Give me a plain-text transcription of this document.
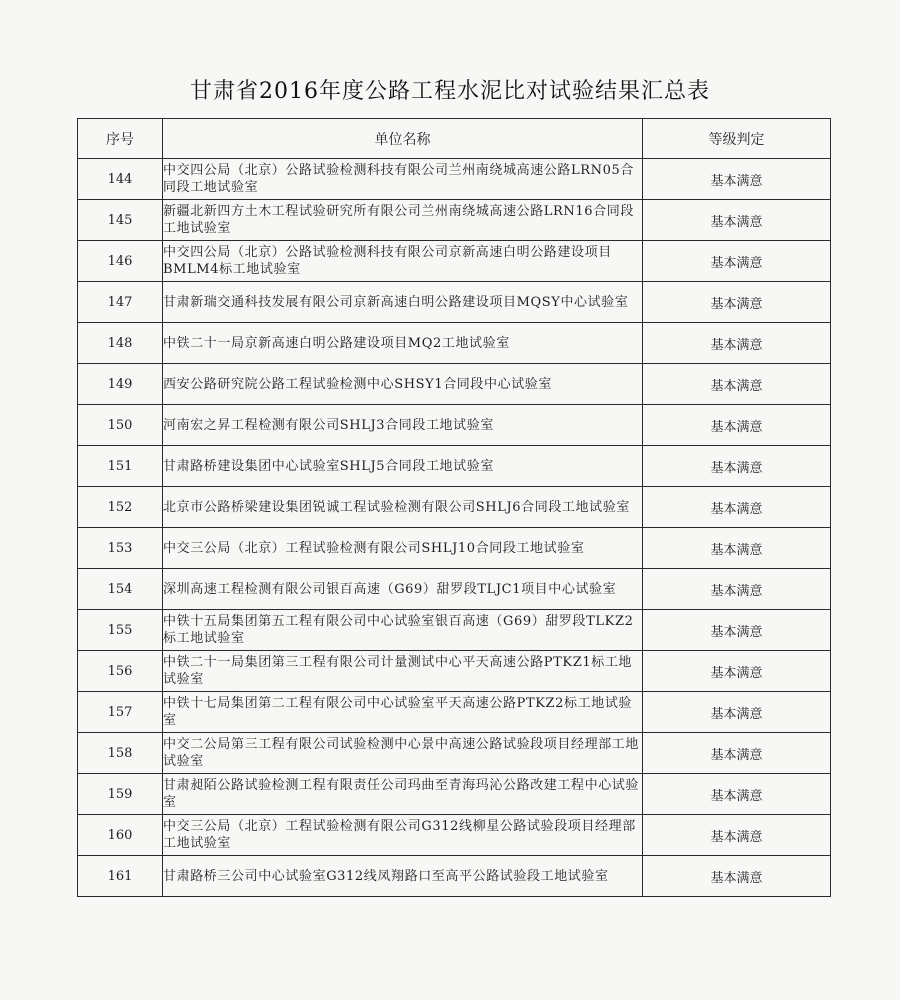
甘肃省2016年度公路工程水泥比对试验结果汇总表
序号	单位名称	等级判定
144	中交四公局（北京）公路试验检测科技有限公司兰州南绕城高速公路LRN05合同段工地试验室	基本满意
145	新疆北新四方土木工程试验研究所有限公司兰州南绕城高速公路LRN16合同段工地试验室	基本满意
146	中交四公局（北京）公路试验检测科技有限公司京新高速白明公路建设项目BMLM4标工地试验室	基本满意
147	甘肃新瑞交通科技发展有限公司京新高速白明公路建设项目MQSY中心试验室	基本满意
148	中铁二十一局京新高速白明公路建设项目MQ2工地试验室	基本满意
149	西安公路研究院公路工程试验检测中心SHSY1合同段中心试验室	基本满意
150	河南宏之昇工程检测有限公司SHLJ3合同段工地试验室	基本满意
151	甘肃路桥建设集团中心试验室SHLJ5合同段工地试验室	基本满意
152	北京市公路桥梁建设集团锐诚工程试验检测有限公司SHLJ6合同段工地试验室	基本满意
153	中交三公局（北京）工程试验检测有限公司SHLJ10合同段工地试验室	基本满意
154	深圳高速工程检测有限公司银百高速（G69）甜罗段TLJC1项目中心试验室	基本满意
155	中铁十五局集团第五工程有限公司中心试验室银百高速（G69）甜罗段TLKZ2标工地试验室	基本满意
156	中铁二十一局集团第三工程有限公司计量测试中心平天高速公路PTKZ1标工地试验室	基本满意
157	中铁十七局集团第二工程有限公司中心试验室平天高速公路PTKZ2标工地试验室	基本满意
158	中交二公局第三工程有限公司试验检测中心景中高速公路试验段项目经理部工地试验室	基本满意
159	甘肃昶陌公路试验检测工程有限责任公司玛曲至青海玛沁公路改建工程中心试验室	基本满意
160	中交三公局（北京）工程试验检测有限公司G312线柳星公路试验段项目经理部工地试验室	基本满意
161	甘肃路桥三公司中心试验室G312线凤翔路口至高平公路试验段工地试验室	基本满意
